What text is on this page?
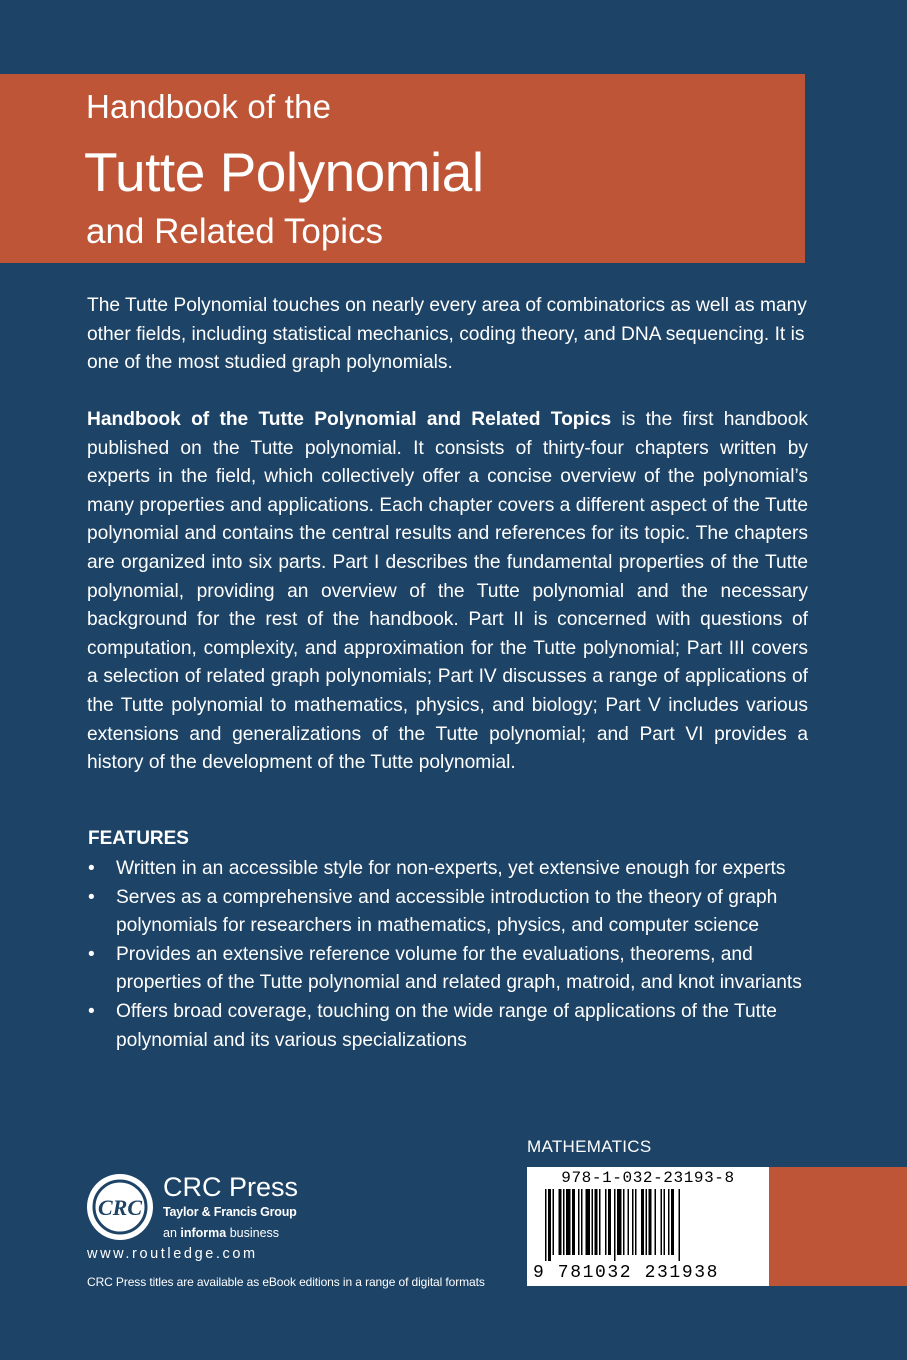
Handbook of the
Tutte Polynomial
and Related Topics
The Tutte Polynomial touches on nearly every area of combinatorics as well as many other fields, including statistical mechanics, coding theory, and DNA sequencing. It is one of the most studied graph polynomials.
Handbook of the Tutte Polynomial and Related Topics is the first handbook published on the Tutte polynomial. It consists of thirty-four chapters written by experts in the field, which collectively offer a concise overview of the polynomial’s many properties and applications. Each chapter covers a different aspect of the Tutte polynomial and contains the central results and references for its topic. The chapters are organized into six parts. Part I describes the fundamental properties of the Tutte polynomial, providing an overview of the Tutte polynomial and the necessary background for the rest of the handbook. Part II is concerned with questions of computation, complexity, and approximation for the Tutte polynomial; Part III covers a selection of related graph polynomials; Part IV discusses a range of applications of the Tutte polynomial to mathematics, physics, and biology; Part V includes various extensions and generalizations of the Tutte polynomial; and Part VI provides a history of the development of the Tutte polynomial.
FEATURES
• Written in an accessible style for non-experts, yet extensive enough for experts
• Serves as a comprehensive and accessible introduction to the theory of graph polynomials for researchers in mathematics, physics, and computer science
• Provides an extensive reference volume for the evaluations, theorems, and properties of the Tutte polynomial and related graph, matroid, and knot invariants
• Offers broad coverage, touching on the wide range of applications of the Tutte polynomial and its various specializations
MATHEMATICS
978-1-032-23193-8
9 781032 231938
CRC
CRC Press
Taylor & Francis Group
an informa business
www.routledge.com
CRC Press titles are available as eBook editions in a range of digital formats
